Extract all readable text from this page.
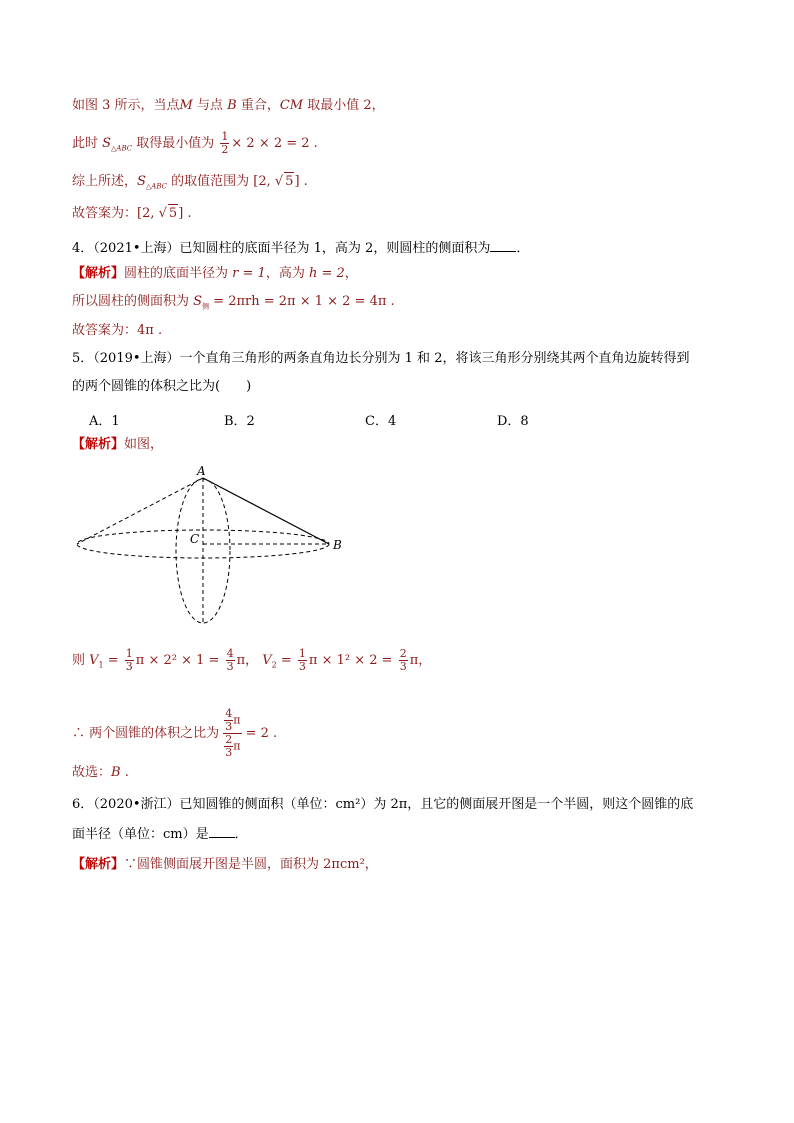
如图 3 所示，当点M 与点 B 重合，CM 取最小值 2，
此时 $S_{\triangle ABC}$ 取得最小值为 $\frac{1}{2} \times 2 \times 2 = 2$ .
综上所述，$S_{\triangle ABC}$ 的取值范围为 [2, √ 5] .
故答案为：[2, √ 5] .
4．（2021•上海）已知圆柱的底面半径为 1，高为 2，则圆柱的侧面积为 ．
【解析】圆柱的底面半径为 r = 1，高为 h = 2，
所以圆柱的侧面积为 $S_侧 = 2\pi rh = 2\pi \times 1 \times 2 = 4\pi$ .
故答案为：4π .
5．（2019•上海）一个直角三角形的两条直角边长分别为 1 和 2，将该三角形分别绕其两个直角边旋转得到
的两个圆锥的体积之比为(　　)
A．1	B．2	C．4	D．8
【解析】如图，
A
C	B
则 $V_1 = \frac{1}{3}$ $\pi \times 2^2 \times 1 = \frac{4}{3}$ π， $V_2 = \frac{1}{3}$ $\pi \times 1^2 \times 2 = \frac{2}{3}$ π，
∴ 两个圆锥的体积之比为 $\frac{\frac{4}{3} \pi}{\frac{2}{3} \pi} = 2$ .
故选：B .
6．（2020•浙江）已知圆锥的侧面积（单位：cm²）为 2π，且它的侧面展开图是一个半圆，则这个圆锥的底
面半径（单位：cm）是 ．
【解析】∵圆锥侧面展开图是半圆，面积为 2πcm²，
